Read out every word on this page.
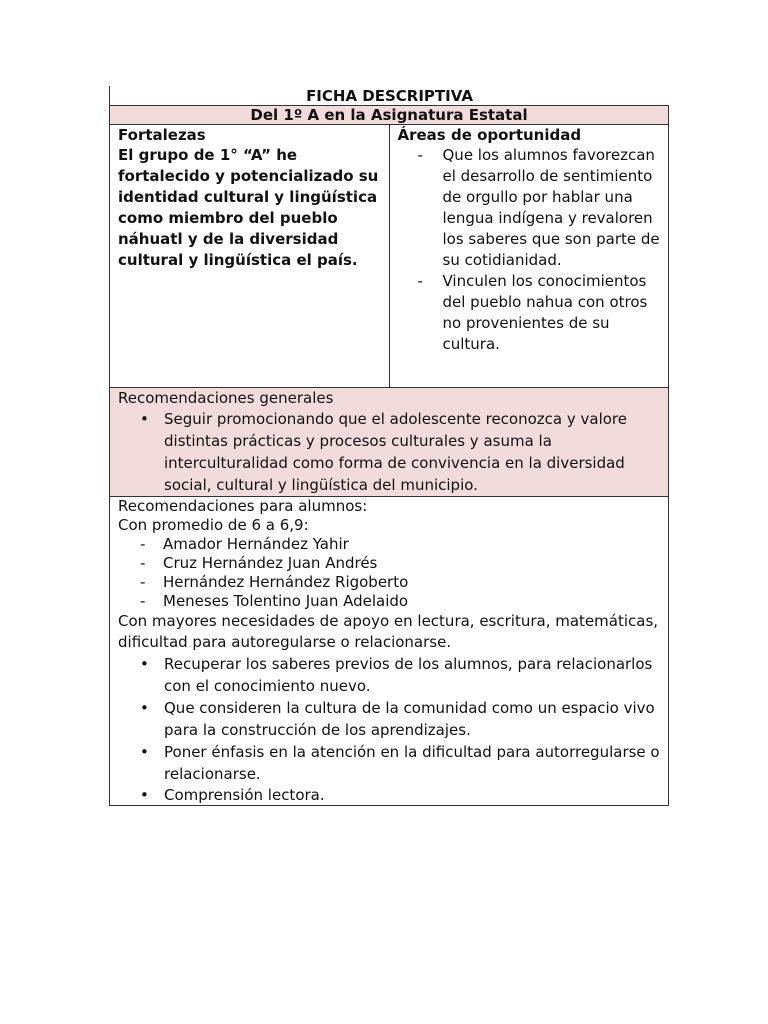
FICHA DESCRIPTIVA
Del 1º A en la Asignatura Estatal

Fortalezas
El grupo de 1° “A” he fortalecido y potencializado su identidad cultural y lingüística como miembro del pueblo náhuatl y de la diversidad cultural y lingüística el país.

Áreas de oportunidad
- Que los alumnos favorezcan el desarrollo de sentimiento de orgullo por hablar una lengua indígena y revaloren los saberes que son parte de su cotidianidad.
- Vinculen los conocimientos del pueblo nahua con otros no provenientes de su cultura.

Recomendaciones generales
• Seguir promocionando que el adolescente reconozca y valore distintas prácticas y procesos culturales y asuma la interculturalidad como forma de convivencia en la diversidad social, cultural y lingüística del municipio.

Recomendaciones para alumnos:
Con promedio de 6 a 6,9:
- Amador Hernández Yahir
- Cruz Hernández Juan Andrés
- Hernández Hernández Rigoberto
- Meneses Tolentino Juan Adelaido
Con mayores necesidades de apoyo en lectura, escritura, matemáticas, dificultad para autoregularse o relacionarse.
• Recuperar los saberes previos de los alumnos, para relacionarlos con el conocimiento nuevo.
• Que consideren la cultura de la comunidad como un espacio vivo para la construcción de los aprendizajes.
• Poner énfasis en la atención en la dificultad para autorregularse o relacionarse.
• Comprensión lectora.
